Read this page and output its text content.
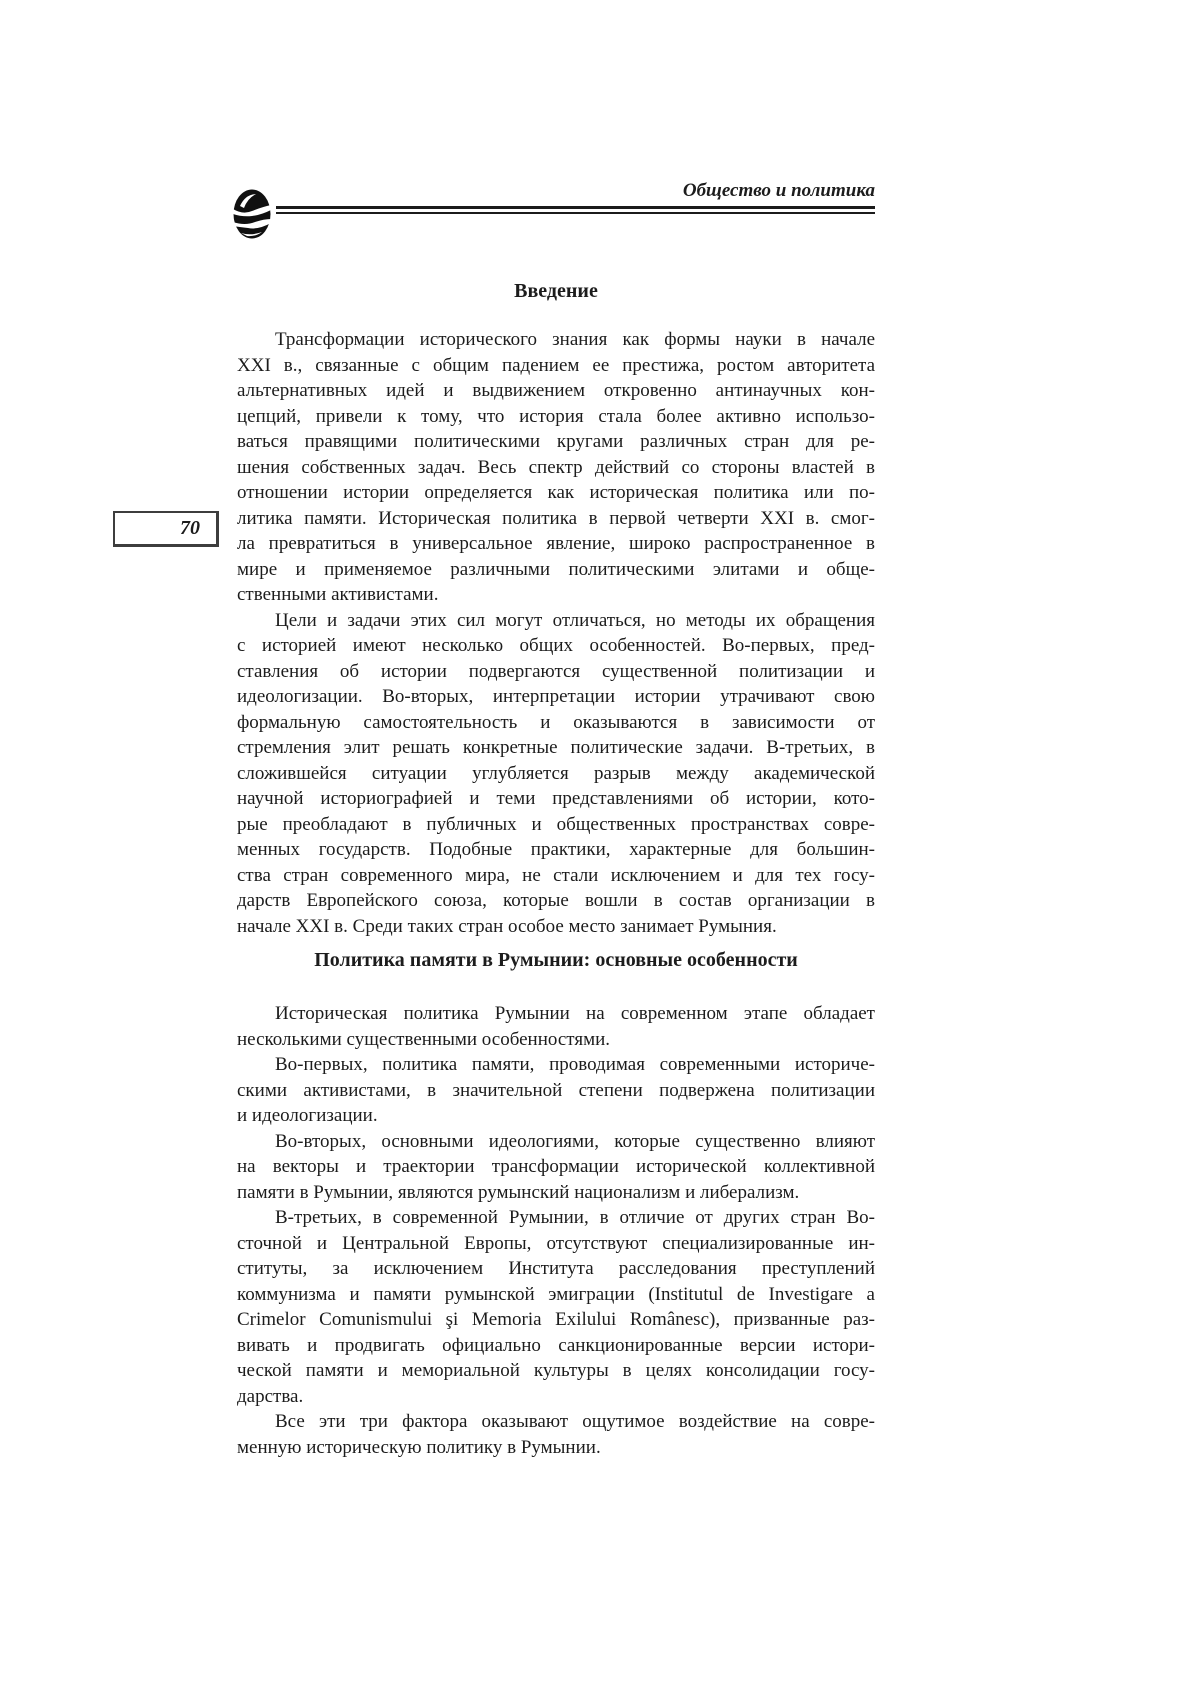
Общество и политика
70
Введение
Трансформации исторического знания как формы науки в начале
XXI в., связанные с общим падением ее престижа, ростом авторитета
альтернативных идей и выдвижением откровенно антинаучных кон-
цепций, привели к тому, что история стала более активно использо-
ваться правящими политическими кругами различных стран для ре-
шения собственных задач. Весь спектр действий со стороны властей в
отношении истории определяется как историческая политика или по-
литика памяти. Историческая политика в первой четверти XXI в. смог-
ла превратиться в универсальное явление, широко распространенное в
мире и применяемое различными политическими элитами и обще-
ственными активистами.
Цели и задачи этих сил могут отличаться, но методы их обращения
с историей имеют несколько общих особенностей. Во-первых, пред-
ставления об истории подвергаются существенной политизации и
идеологизации. Во-вторых, интерпретации истории утрачивают свою
формальную самостоятельность и оказываются в зависимости от
стремления элит решать конкретные политические задачи. В-третьих, в
сложившейся ситуации углубляется разрыв между академической
научной историографией и теми представлениями об истории, кото-
рые преобладают в публичных и общественных пространствах совре-
менных государств. Подобные практики, характерные для большин-
ства стран современного мира, не стали исключением и для тех госу-
дарств Европейского союза, которые вошли в состав организации в
начале XXI в. Среди таких стран особое место занимает Румыния.
Политика памяти в Румынии: основные особенности
Историческая политика Румынии на современном этапе обладает
несколькими существенными особенностями.
Во-первых, политика памяти, проводимая современными историче-
скими активистами, в значительной степени подвержена политизации
и идеологизации.
Во-вторых, основными идеологиями, которые существенно влияют
на векторы и траектории трансформации исторической коллективной
памяти в Румынии, являются румынский национализм и либерализм.
В-третьих, в современной Румынии, в отличие от других стран Во-
сточной и Центральной Европы, отсутствуют специализированные ин-
ституты, за исключением Института расследования преступлений
коммунизма и памяти румынской эмиграции (Institutul de Investigare a
Crimelor Comunismului şi Memoria Exilului Românesc), призванные раз-
вивать и продвигать официально санкционированные версии истори-
ческой памяти и мемориальной культуры в целях консолидации госу-
дарства.
Все эти три фактора оказывают ощутимое воздействие на совре-
менную историческую политику в Румынии.
